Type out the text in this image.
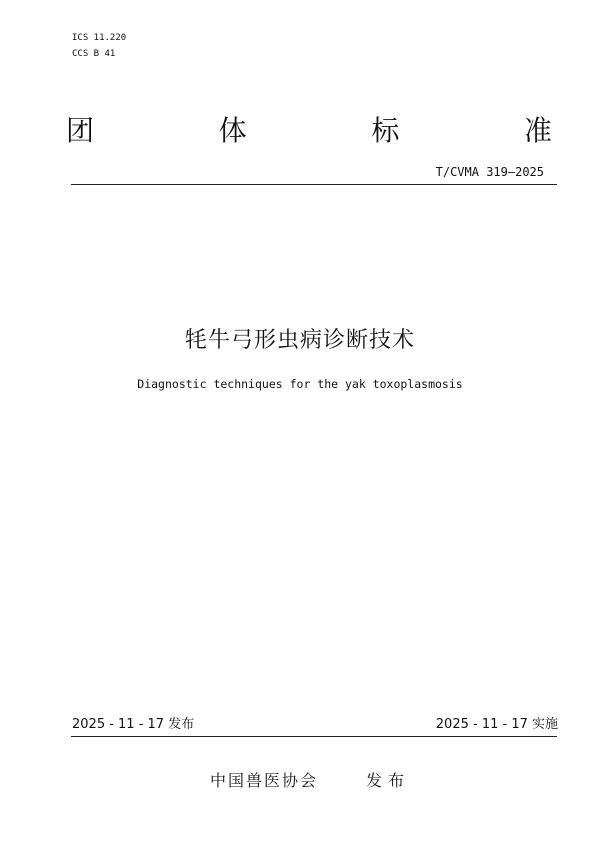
ICS 11.220
CCS B 41
团	体	标	准
T/CVMA 319—2025
牦牛弓形虫病诊断技术
Diagnostic techniques for the yak toxoplasmosis
2025 - 11 - 17 发布	2025 - 11 - 17 实施
中国兽医协会	发布
